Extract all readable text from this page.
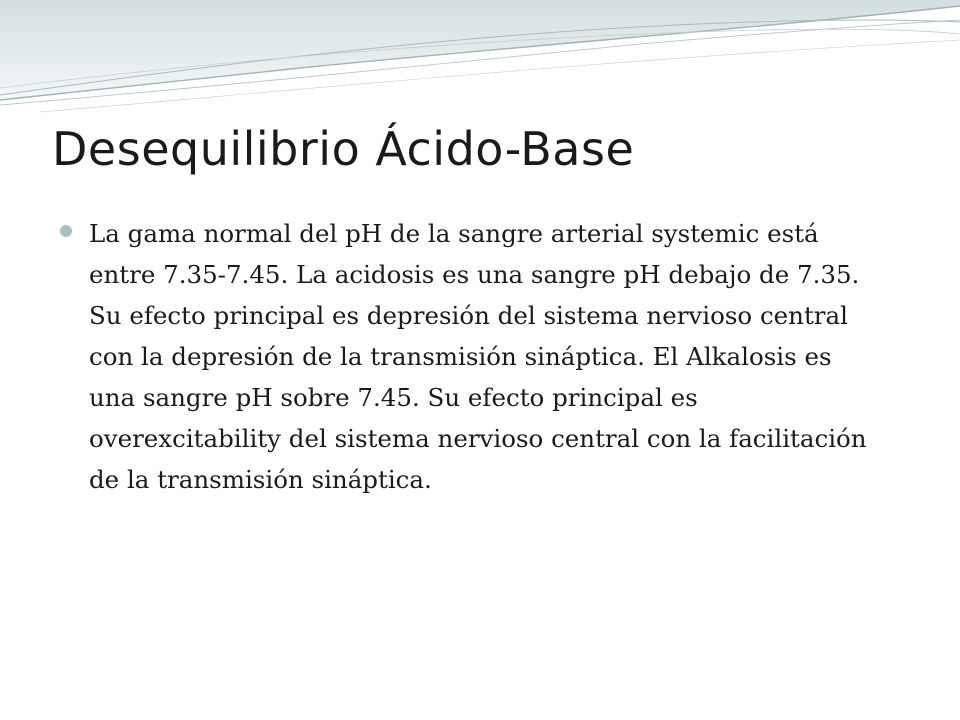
Desequilibrio Ácido-Base
La gama normal del pH de la sangre arterial systemic está entre 7.35-7.45. La acidosis es una sangre pH debajo de 7.35. Su efecto principal es depresión del sistema nervioso central con la depresión de la transmisión sináptica. El Alkalosis es una sangre pH sobre 7.45. Su efecto principal es overexcitability del sistema nervioso central con la facilitación de la transmisión sináptica.
